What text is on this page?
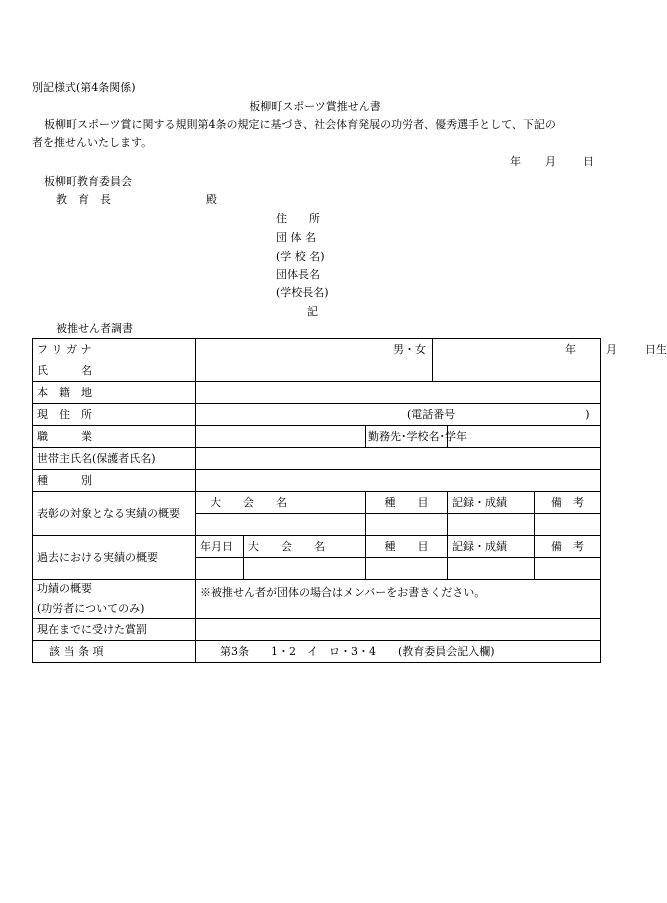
別記様式(第4条関係)
板柳町スポーツ賞推せん書
板柳町スポーツ賞に関する規則第4条の規定に基づき、社会体育発展の功労者、優秀選手として、下記の
者を推せんいたします。
年 月 日
板柳町教育委員会
教　育　長	殿
住　　所
団 体 名
(学 校 名)
団体長名
(学校長名)
記
被推せん者調書
フ リ ガ ナ	男・女			年 月 日生		
氏　　　名						
本　籍　地						
現　住　所	(電話番号 )					
職　　　業			勤務先･学校名･学年			
世帯主氏名(保護者氏名)						
種　　　別						
表彰の対象となる実績の概要	大　　会　　名		種　　目		記録・成績	備　考

過去における実績の概要	年月日	大　　会　　名	種　　目		記録・成績	備　考

功績の概要
(功労者についてのみ)	※被推せん者が団体の場合はメンバーをお書きください。					
現在までに受けた賞罰						
該 当 条 項	第3条　　1・2　イ　ロ・3・4　　(教育委員会記入欄)					
